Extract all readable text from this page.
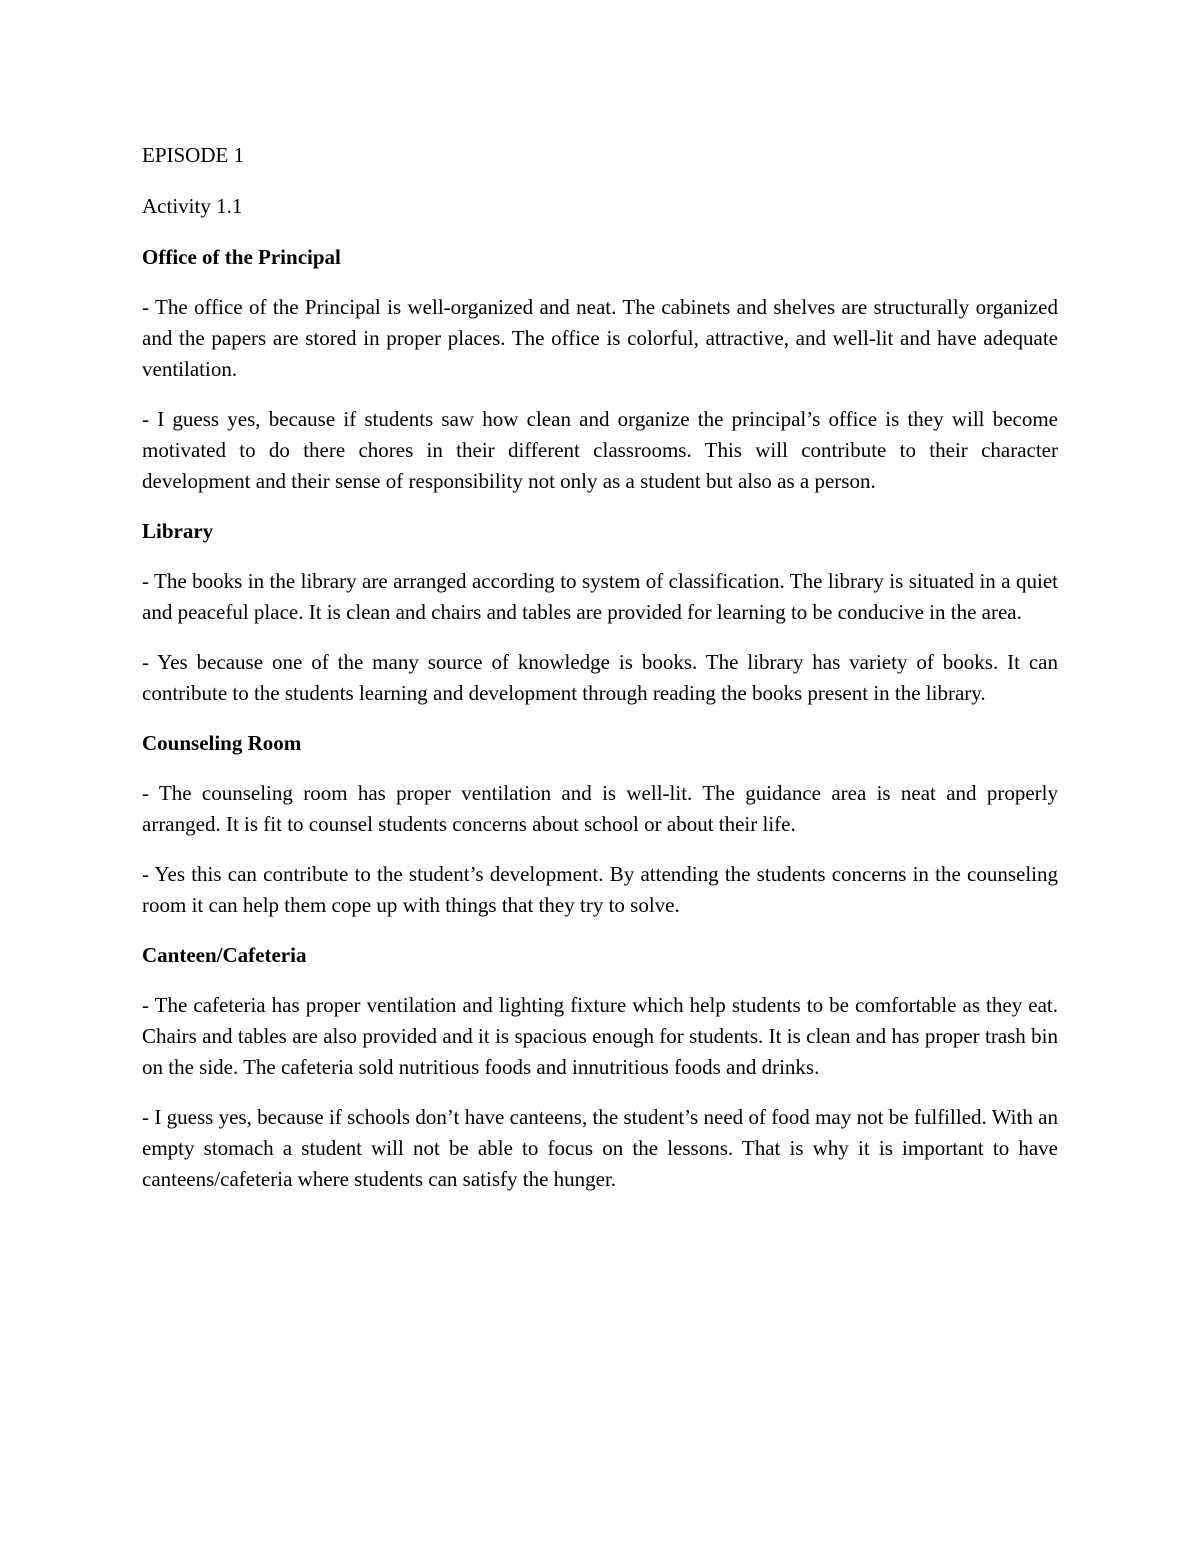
EPISODE 1

Activity 1.1

Office of the Principal

- The office of the Principal is well-organized and neat. The cabinets and shelves are structurally organized and the papers are stored in proper places. The office is colorful, attractive, and well-lit and have adequate ventilation.

- I guess yes, because if students saw how clean and organize the principal’s office is they will become motivated to do there chores in their different classrooms. This will contribute to their character development and their sense of responsibility not only as a student but also as a person.

Library

- The books in the library are arranged according to system of classification. The library is situated in a quiet and peaceful place. It is clean and chairs and tables are provided for learning to be conducive in the area.

- Yes because one of the many source of knowledge is books. The library has variety of books. It can contribute to the students learning and development through reading the books present in the library.

Counseling Room

- The counseling room has proper ventilation and is well-lit. The guidance area is neat and properly arranged. It is fit to counsel students concerns about school or about their life.

- Yes this can contribute to the student’s development. By attending the students concerns in the counseling room it can help them cope up with things that they try to solve.

Canteen/Cafeteria

- The cafeteria has proper ventilation and lighting fixture which help students to be comfortable as they eat. Chairs and tables are also provided and it is spacious enough for students. It is clean and has proper trash bin on the side. The cafeteria sold nutritious foods and innutritious foods and drinks.

- I guess yes, because if schools don’t have canteens, the student’s need of food may not be fulfilled. With an empty stomach a student will not be able to focus on the lessons. That is why it is important to have canteens/cafeteria where students can satisfy the hunger.
